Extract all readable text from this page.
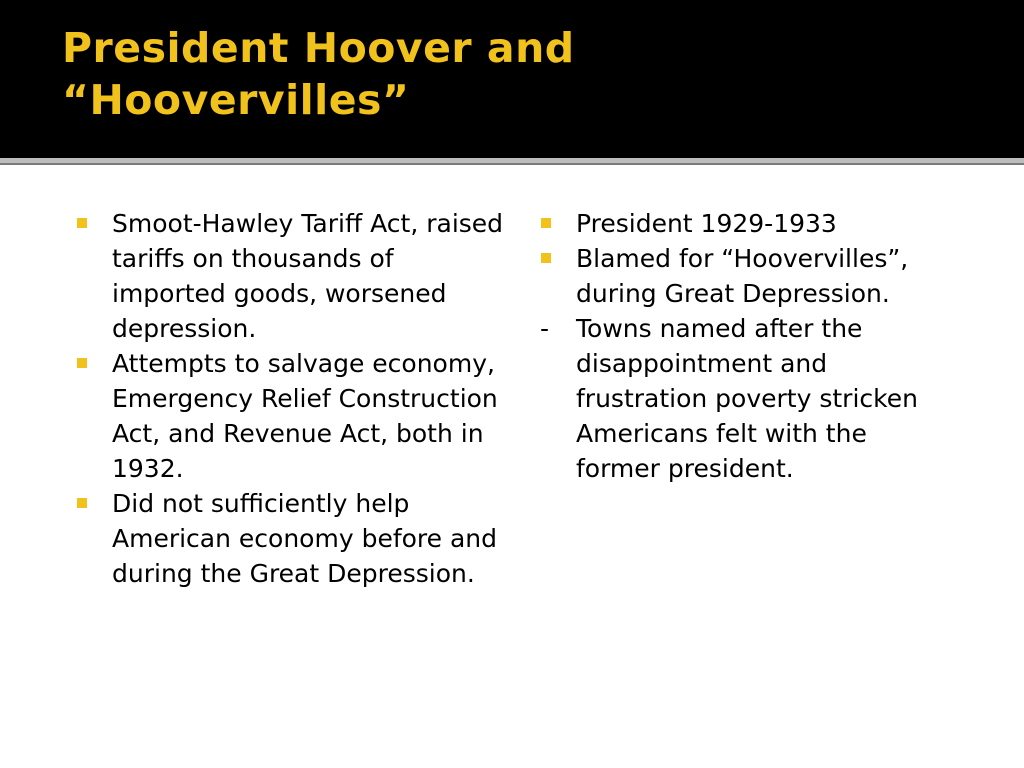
President Hoover and
“Hoovervilles”
Smoot-Hawley Tariff Act, raised tariffs on thousands of imported goods, worsened depression.
Attempts to salvage economy, Emergency Relief Construction Act, and Revenue Act, both in 1932.
Did not sufficiently help American economy before and during the Great Depression.
President 1929-1933
Blamed for “Hoovervilles”, during Great Depression.
- Towns named after the disappointment and frustration poverty stricken Americans felt with the former president.
